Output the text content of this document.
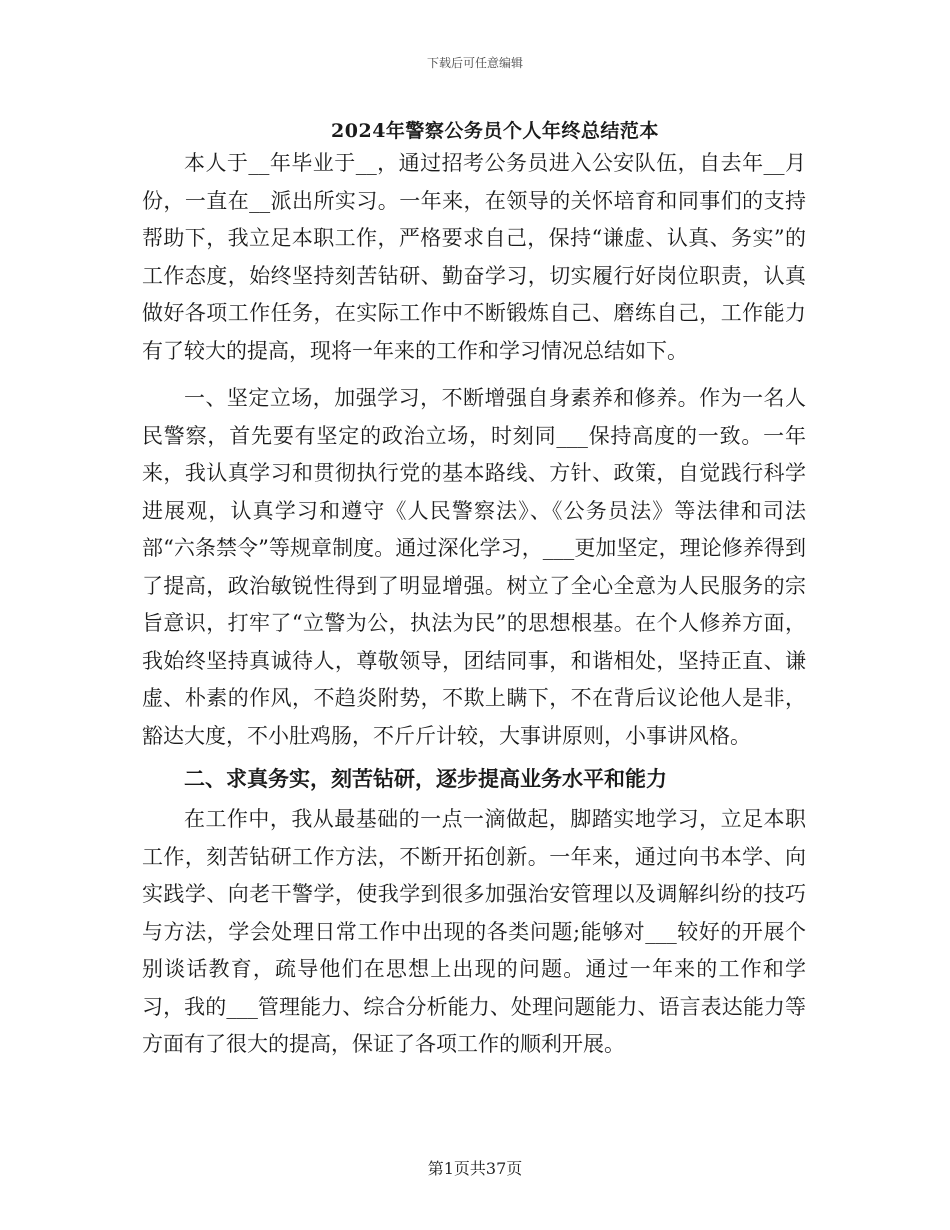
下载后可任意编辑
2024年警察公务员个人年终总结范本

本人于__年毕业于__，通过招考公务员进入公安队伍，自去年__月份，一直在__派出所实习。一年来，在领导的关怀培育和同事们的支持帮助下，我立足本职工作，严格要求自己，保持“谦虚、认真、务实”的工作态度，始终坚持刻苦钻研、勤奋学习，切实履行好岗位职责，认真做好各项工作任务，在实际工作中不断锻炼自己、磨练自己，工作能力有了较大的提高，现将一年来的工作和学习情况总结如下。

一、坚定立场，加强学习，不断增强自身素养和修养。作为一名人民警察，首先要有坚定的政治立场，时刻同___保持高度的一致。一年来，我认真学习和贯彻执行党的基本路线、方针、政策，自觉践行科学进展观，认真学习和遵守《人民警察法》、《公务员法》等法律和司法部“六条禁令”等规章制度。通过深化学习，___更加坚定，理论修养得到了提高，政治敏锐性得到了明显增强。树立了全心全意为人民服务的宗旨意识，打牢了“立警为公，执法为民”的思想根基。在个人修养方面，我始终坚持真诚待人，尊敬领导，团结同事，和谐相处，坚持正直、谦虚、朴素的作风，不趋炎附势，不欺上瞒下，不在背后议论他人是非，豁达大度，不小肚鸡肠，不斤斤计较，大事讲原则，小事讲风格。

二、求真务实，刻苦钻研，逐步提高业务水平和能力

在工作中，我从最基础的一点一滴做起，脚踏实地学习，立足本职工作，刻苦钻研工作方法，不断开拓创新。一年来，通过向书本学、向实践学、向老干警学，使我学到很多加强治安管理以及调解纠纷的技巧与方法，学会处理日常工作中出现的各类问题;能够对___较好的开展个别谈话教育，疏导他们在思想上出现的问题。通过一年来的工作和学习，我的___管理能力、综合分析能力、处理问题能力、语言表达能力等方面有了很大的提高，保证了各项工作的顺利开展。

第1页共37页
